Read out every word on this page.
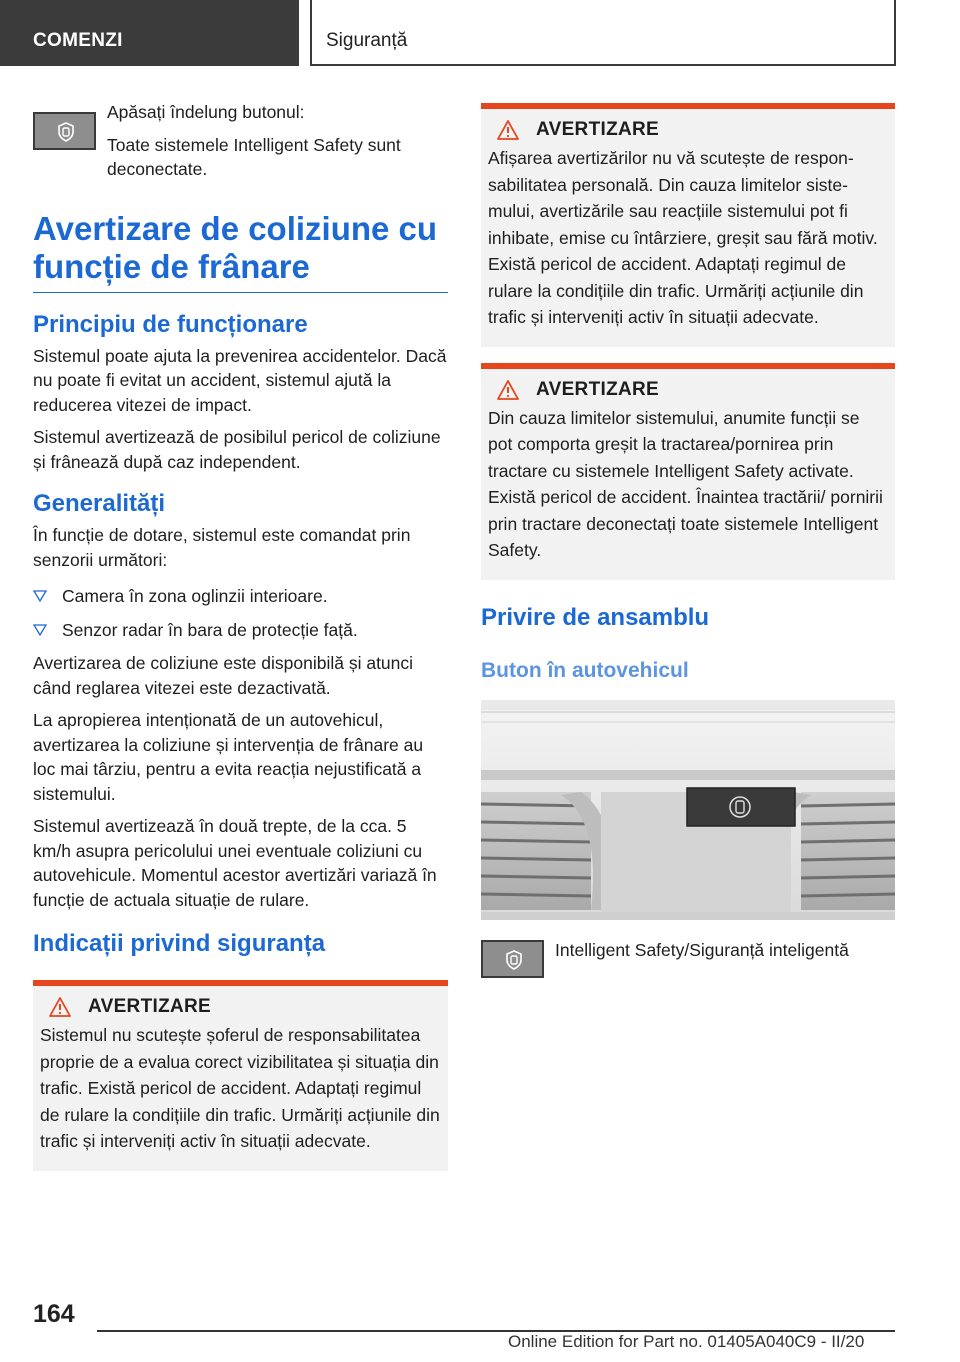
COMENZI	Siguranță

Apăsați îndelung butonul:

Toate sistemele Intelligent Safety sunt deconectate.

Avertizare de coliziune cu funcție de frânare
Principiu de funcționare

Sistemul poate ajuta la prevenirea accidentelor. Dacă nu poate fi evitat un accident, sistemul ajută la reducerea vitezei de impact.

Sistemul avertizează de posibilul pericol de coliziune și frânează după caz independent.

Generalități

În funcție de dotare, sistemul este comandat prin senzorii următori:

Camera în zona oglinzii interioare.
Senzor radar în bara de protecție față.

Avertizarea de coliziune este disponibilă și atunci când reglarea vitezei este dezactivată.

La apropierea intenționată de un autovehicul, avertizarea la coliziune și intervenția de frânare au loc mai târziu, pentru a evita reacția nejustificată a sistemului.

Sistemul avertizează în două trepte, de la cca. 5 km/h asupra pericolului unei eventuale coliziuni cu autovehicule. Momentul acestor avertizări variază în funcție de actuala situație de rulare.

Indicații privind siguranța
AVERTIZARE

Sistemul nu scutește șoferul de responsabilitatea proprie de a evalua corect vizibilitatea și situația din trafic. Există pericol de accident. Adaptați regimul de rulare la condițiile din trafic. Urmăriți acțiunile din trafic și interveniți activ în situații adecvate.

AVERTIZARE

Afișarea avertizărilor nu vă scutește de responsabilitatea personală. Din cauza limitelor sistemului, avertizările sau reacțiile sistemului pot fi inhibate, emise cu întârziere, greșit sau fără motiv. Există pericol de accident. Adaptați regimul de rulare la condițiile din trafic. Urmăriți acțiunile din trafic și interveniți activ în situații adecvate.

AVERTIZARE

Din cauza limitelor sistemului, anumite funcții se pot comporta greșit la tractarea/pornirea prin tractare cu sistemele Intelligent Safety activate. Există pericol de accident. Înaintea tractării/ pornirii prin tractare deconectați toate sistemele Intelligent Safety.

Privire de ansamblu
Buton în autovehicul

Intelligent Safety/Siguranță inteligentă

164
Online Edition for Part no. 01405A040C9 - II/20
